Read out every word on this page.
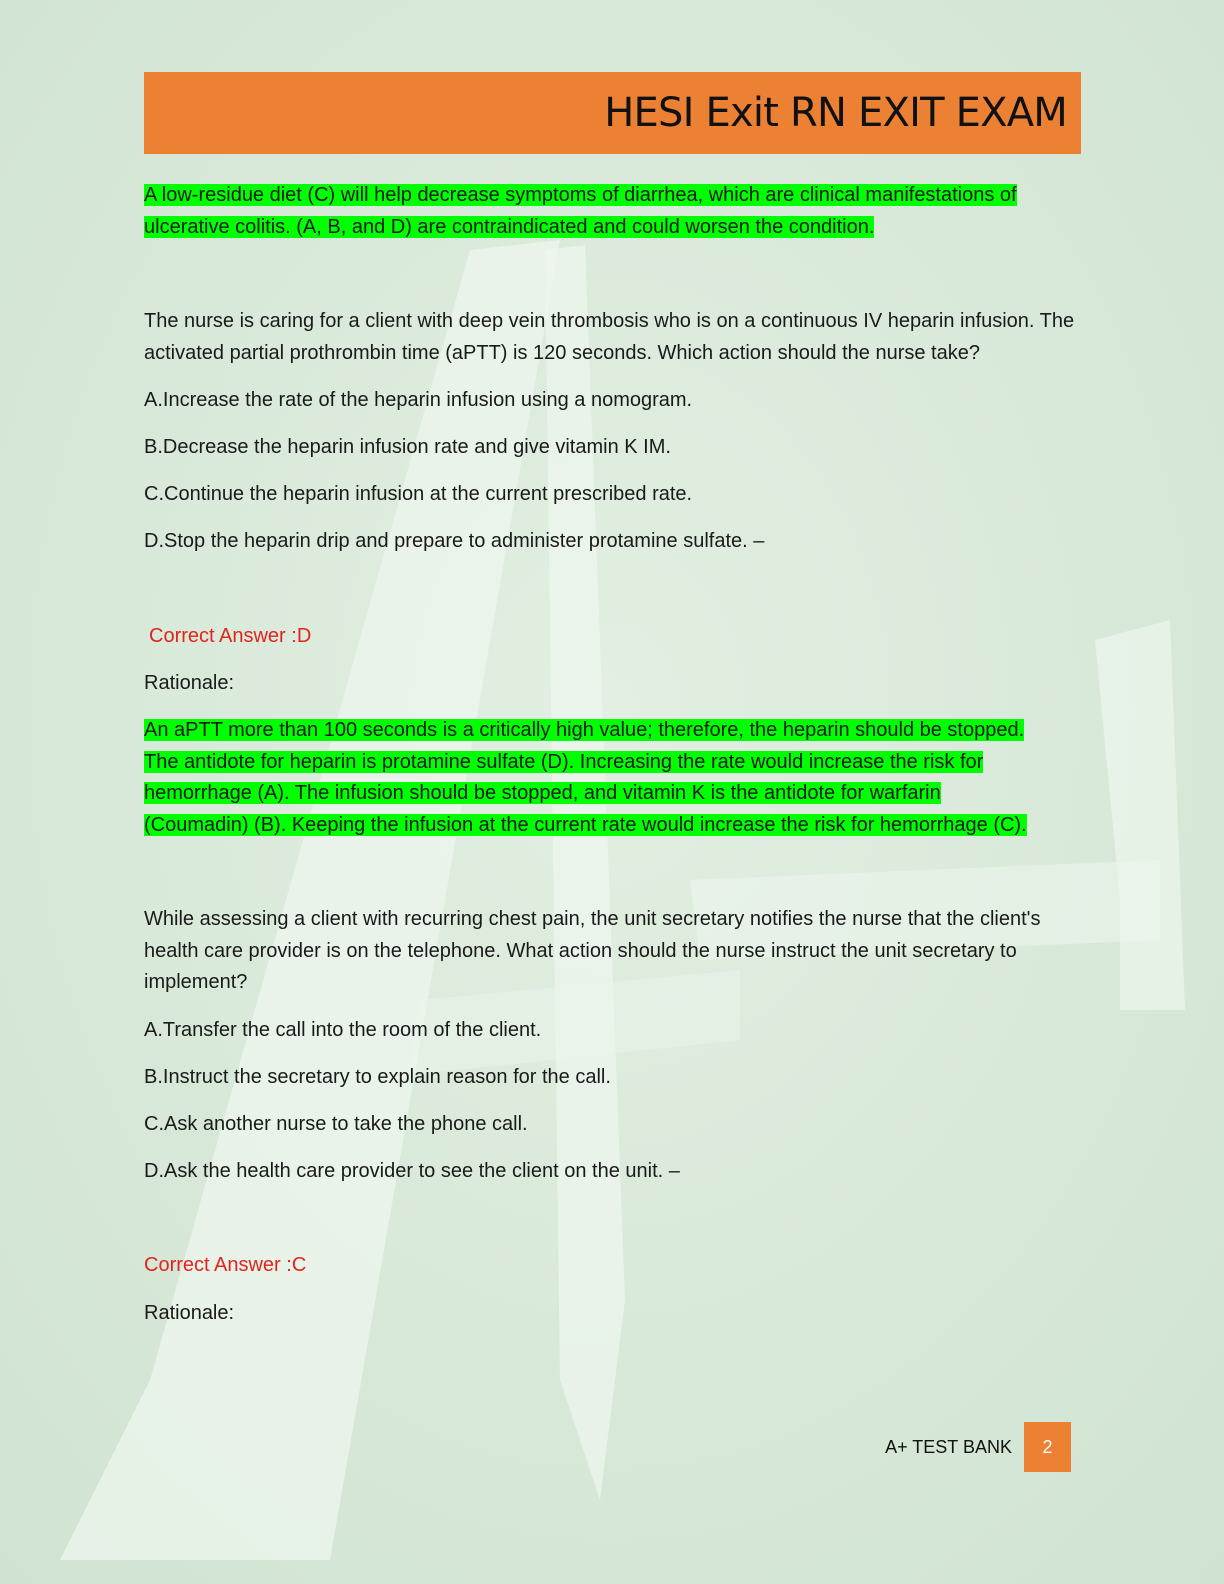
HESI Exit RN EXIT EXAM

A low-residue diet (C) will help decrease symptoms of diarrhea, which are clinical manifestations of ulcerative colitis. (A, B, and D) are contraindicated and could worsen the condition.

The nurse is caring for a client with deep vein thrombosis who is on a continuous IV heparin infusion. The activated partial prothrombin time (aPTT) is 120 seconds. Which action should the nurse take?

A.Increase the rate of the heparin infusion using a nomogram.

B.Decrease the heparin infusion rate and give vitamin K IM.

C.Continue the heparin infusion at the current prescribed rate.

D.Stop the heparin drip and prepare to administer protamine sulfate. –

Correct Answer :D

Rationale:

An aPTT more than 100 seconds is a critically high value; therefore, the heparin should be stopped. The antidote for heparin is protamine sulfate (D). Increasing the rate would increase the risk for hemorrhage (A). The infusion should be stopped, and vitamin K is the antidote for warfarin (Coumadin) (B). Keeping the infusion at the current rate would increase the risk for hemorrhage (C).

While assessing a client with recurring chest pain, the unit secretary notifies the nurse that the client's health care provider is on the telephone. What action should the nurse instruct the unit secretary to implement?

A.Transfer the call into the room of the client.

B.Instruct the secretary to explain reason for the call.

C.Ask another nurse to take the phone call.

D.Ask the health care provider to see the client on the unit. –

Correct Answer :C

Rationale:

A+ TEST BANK	2
